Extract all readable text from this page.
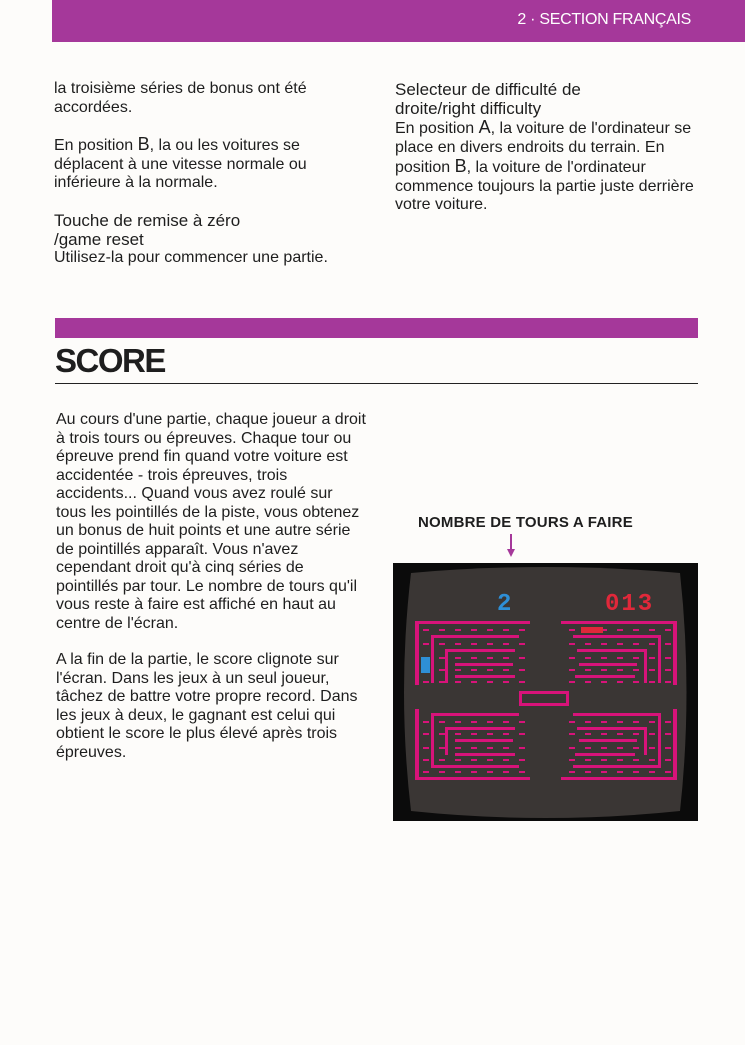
2 · SECTION FRANÇAIS

la troisième séries de bonus ont été accordées.

En position B, la ou les voitures se déplacent à une vitesse normale ou inférieure à la normale.

Touche de remise à zéro
/game reset

Utilisez-la pour commencer une partie.

Selecteur de difficulté de
droite/right difficulty

En position A, la voiture de l'ordinateur se place en divers endroits du terrain. En position B, la voiture de l'ordinateur commence toujours la partie juste derrière votre voiture.

SCORE

Au cours d'une partie, chaque joueur a droit à trois tours ou épreuves. Chaque tour ou épreuve prend fin quand votre voiture est accidentée - trois épreuves, trois accidents... Quand vous avez roulé sur tous les pointillés de la piste, vous obtenez un bonus de huit points et une autre série de pointillés apparaît. Vous n'avez cependant droit qu'à cinq séries de pointillés par tour. Le nombre de tours qu'il vous reste à faire est affiché en haut au centre de l'écran.

A la fin de la partie, le score clignote sur l'écran. Dans les jeux à un seul joueur, tâchez de battre votre propre record. Dans les jeux à deux, le gagnant est celui qui obtient le score le plus élevé après trois épreuves.

NOMBRE DE TOURS A FAIRE
2	013
